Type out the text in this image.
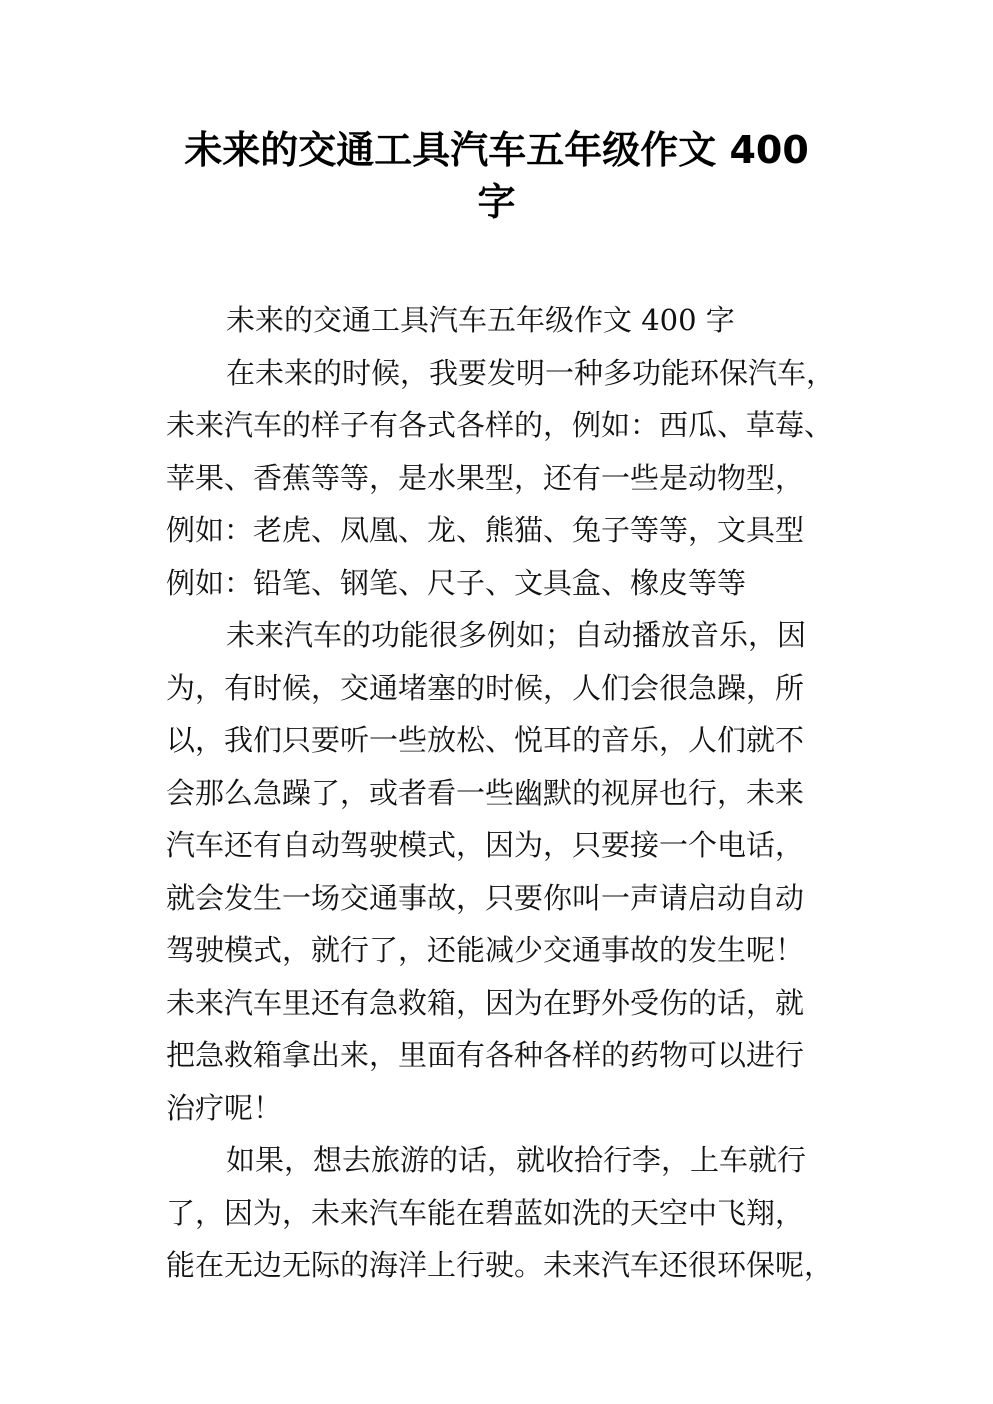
未来的交通工具汽车五年级作文 400
字
未来的交通工具汽车五年级作文 400 字
在未来的时候，我要发明一种多功能环保汽车，
未来汽车的样子有各式各样的，例如：西瓜、草莓、
苹果、香蕉等等，是水果型，还有一些是动物型，
例如：老虎、凤凰、龙、熊猫、兔子等等，文具型
例如：铅笔、钢笔、尺子、文具盒、橡皮等等
未来汽车的功能很多例如；自动播放音乐，因
为，有时候，交通堵塞的时候，人们会很急躁，所
以，我们只要听一些放松、悦耳的音乐，人们就不
会那么急躁了，或者看一些幽默的视屏也行，未来
汽车还有自动驾驶模式，因为，只要接一个电话，
就会发生一场交通事故，只要你叫一声请启动自动
驾驶模式，就行了，还能减少交通事故的发生呢！
未来汽车里还有急救箱，因为在野外受伤的话，就
把急救箱拿出来，里面有各种各样的药物可以进行
治疗呢！
如果，想去旅游的话，就收拾行李，上车就行
了，因为，未来汽车能在碧蓝如洗的天空中飞翔，
能在无边无际的海洋上行驶。未来汽车还很环保呢，
